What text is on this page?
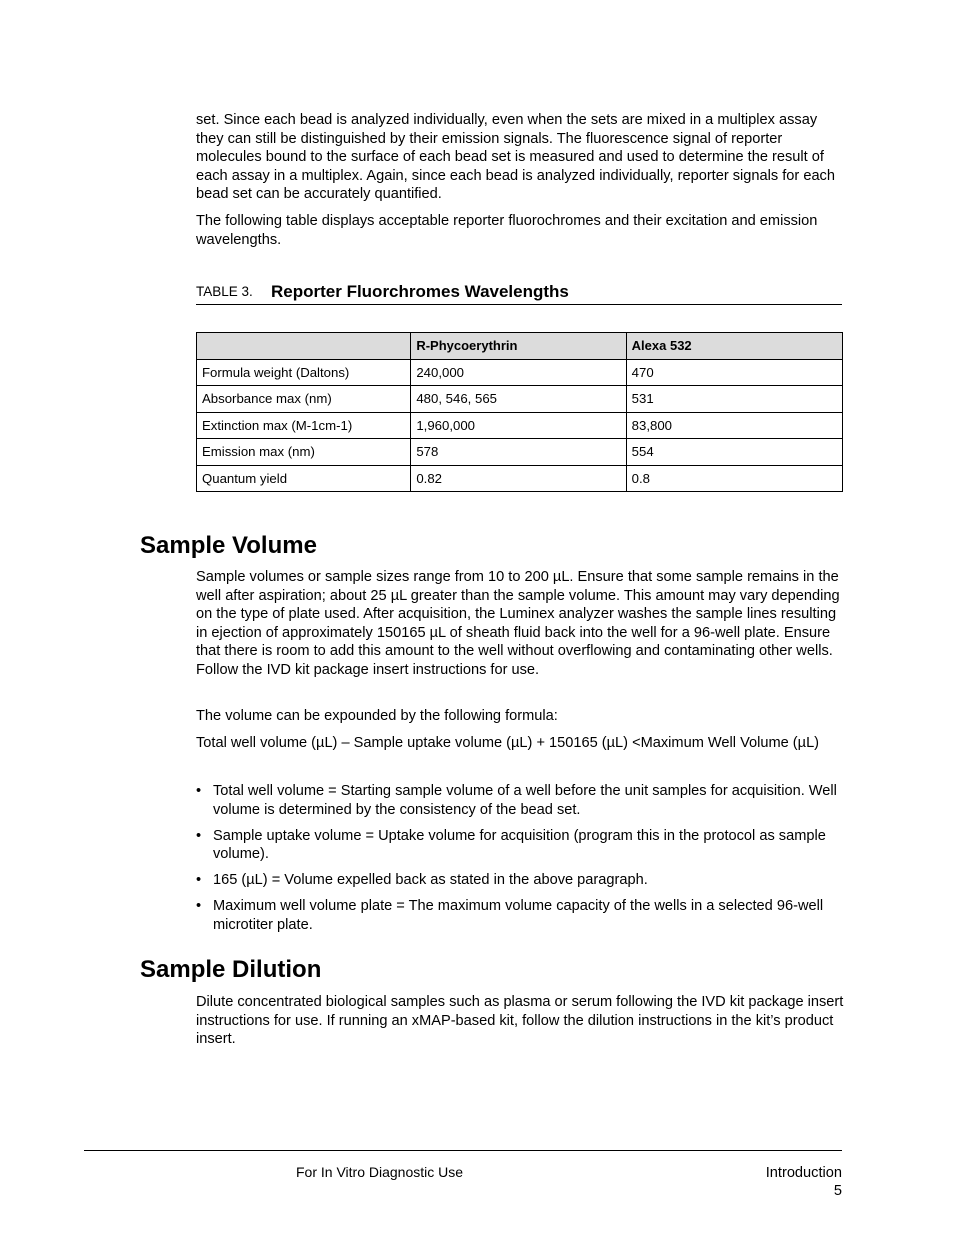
set. Since each bead is analyzed individually, even when the sets are mixed in a multiplex assay they can still be distinguished by their emission signals. The fluorescence signal of reporter molecules bound to the surface of each bead set is measured and used to determine the result of each assay in a multiplex. Again, since each bead is analyzed individually, reporter signals for each bead set can be accurately quantified.

The following table displays acceptable reporter fluorochromes and their excitation and emission wavelengths.

TABLE 3. Reporter Fluorchromes Wavelengths
	R-Phycoerythrin	Alexa 532
Formula weight (Daltons)	240,000	470
Absorbance max (nm)	480, 546, 565	531
Extinction max (M-1cm-1)	1,960,000	83,800
Emission max (nm)	578	554
Quantum yield	0.82	0.8
Sample Volume

Sample volumes or sample sizes range from 10 to 200 µL. Ensure that some sample remains in the well after aspiration; about 25 µL greater than the sample volume. This amount may vary depending on the type of plate used. After acquisition, the Luminex analyzer washes the sample lines resulting in ejection of approximately 150165 µL of sheath fluid back into the well for a 96-well plate. Ensure that there is room to add this amount to the well without overflowing and contaminating other wells. Follow the IVD kit package insert instructions for use.

The volume can be expounded by the following formula:

Total well volume (µL) – Sample uptake volume (µL) + 150165 (µL) <Maximum Well Volume (µL)

• Total well volume = Starting sample volume of a well before the unit samples for acquisition. Well volume is determined by the consistency of the bead set.
• Sample uptake volume = Uptake volume for acquisition (program this in the protocol as sample volume).
• 165 (µL) = Volume expelled back as stated in the above paragraph.
• Maximum well volume plate = The maximum volume capacity of the wells in a selected 96-well microtiter plate.
Sample Dilution

Dilute concentrated biological samples such as plasma or serum following the IVD kit package insert instructions for use. If running an xMAP-based kit, follow the dilution instructions in the kit’s product insert.

For In Vitro Diagnostic Use	Introduction
5
